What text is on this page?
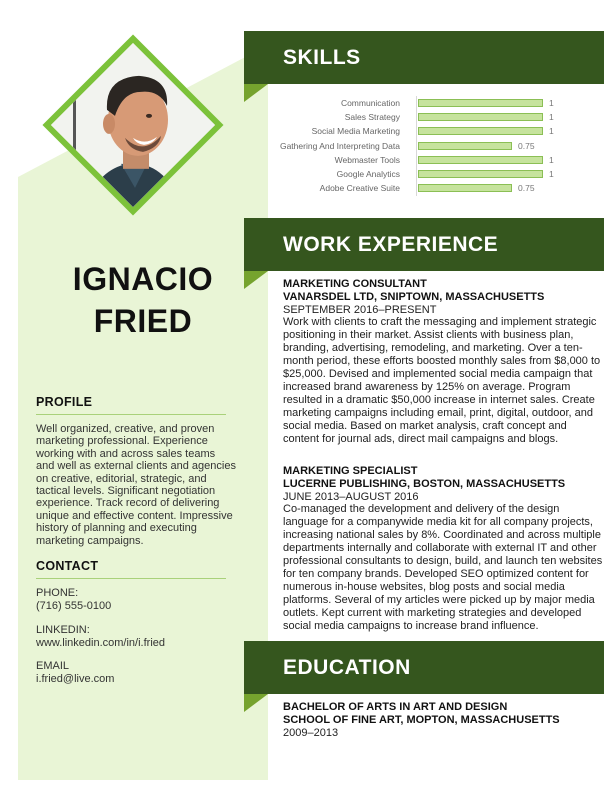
IGNACIO
FRIED
PROFILE
Well organized, creative, and proven marketing professional. Experience working with and across sales teams and well as external clients and agencies on creative, editorial, strategic, and tactical levels. Significant negotiation experience. Track record of delivering unique and effective content. Impressive history of planning and executing marketing campaigns.
CONTACT
PHONE:
(716) 555-0100
LINKEDIN:
www.linkedin.com/in/i.fried
EMAIL
i.fried@live.com
SKILLS
Communication	1
Sales Strategy	1
Social Media Marketing	1
Gathering And Interpreting Data	0.75
Webmaster Tools	1
Google Analytics	1
Adobe Creative Suite	0.75
WORK EXPERIENCE
MARKETING CONSULTANT
VANARSDEL LTD, SNIPTOWN, MASSACHUSETTS
SEPTEMBER 2016–PRESENT
Work with clients to craft the messaging and implement strategic positioning in their market. Assist clients with business plan, branding, advertising, remodeling, and marketing. Over a ten-month period, these efforts boosted monthly sales from $8,000 to $25,000. Devised and implemented social media campaign that increased brand awareness by 125% on average. Program resulted in a dramatic $50,000 increase in internet sales. Create marketing campaigns including email, print, digital, outdoor, and social media. Based on market analysis, craft concept and content for journal ads, direct mail campaigns and blogs.
MARKETING SPECIALIST
LUCERNE PUBLISHING, BOSTON, MASSACHUSETTS
JUNE 2013–AUGUST 2016
Co-managed the development and delivery of the design language for a companywide media kit for all company projects, increasing national sales by 8%. Coordinated and across multiple departments internally and collaborate with external IT and other professional consultants to design, build, and launch ten websites for ten company brands. Developed SEO optimized content for numerous in-house websites, blog posts and social media platforms. Several of my articles were picked up by major media outlets. Kept current with marketing strategies and developed social media campaigns to increase brand influence.
EDUCATION
BACHELOR OF ARTS IN ART AND DESIGN
SCHOOL OF FINE ART, MOPTON, MASSACHUSETTS
2009–2013
